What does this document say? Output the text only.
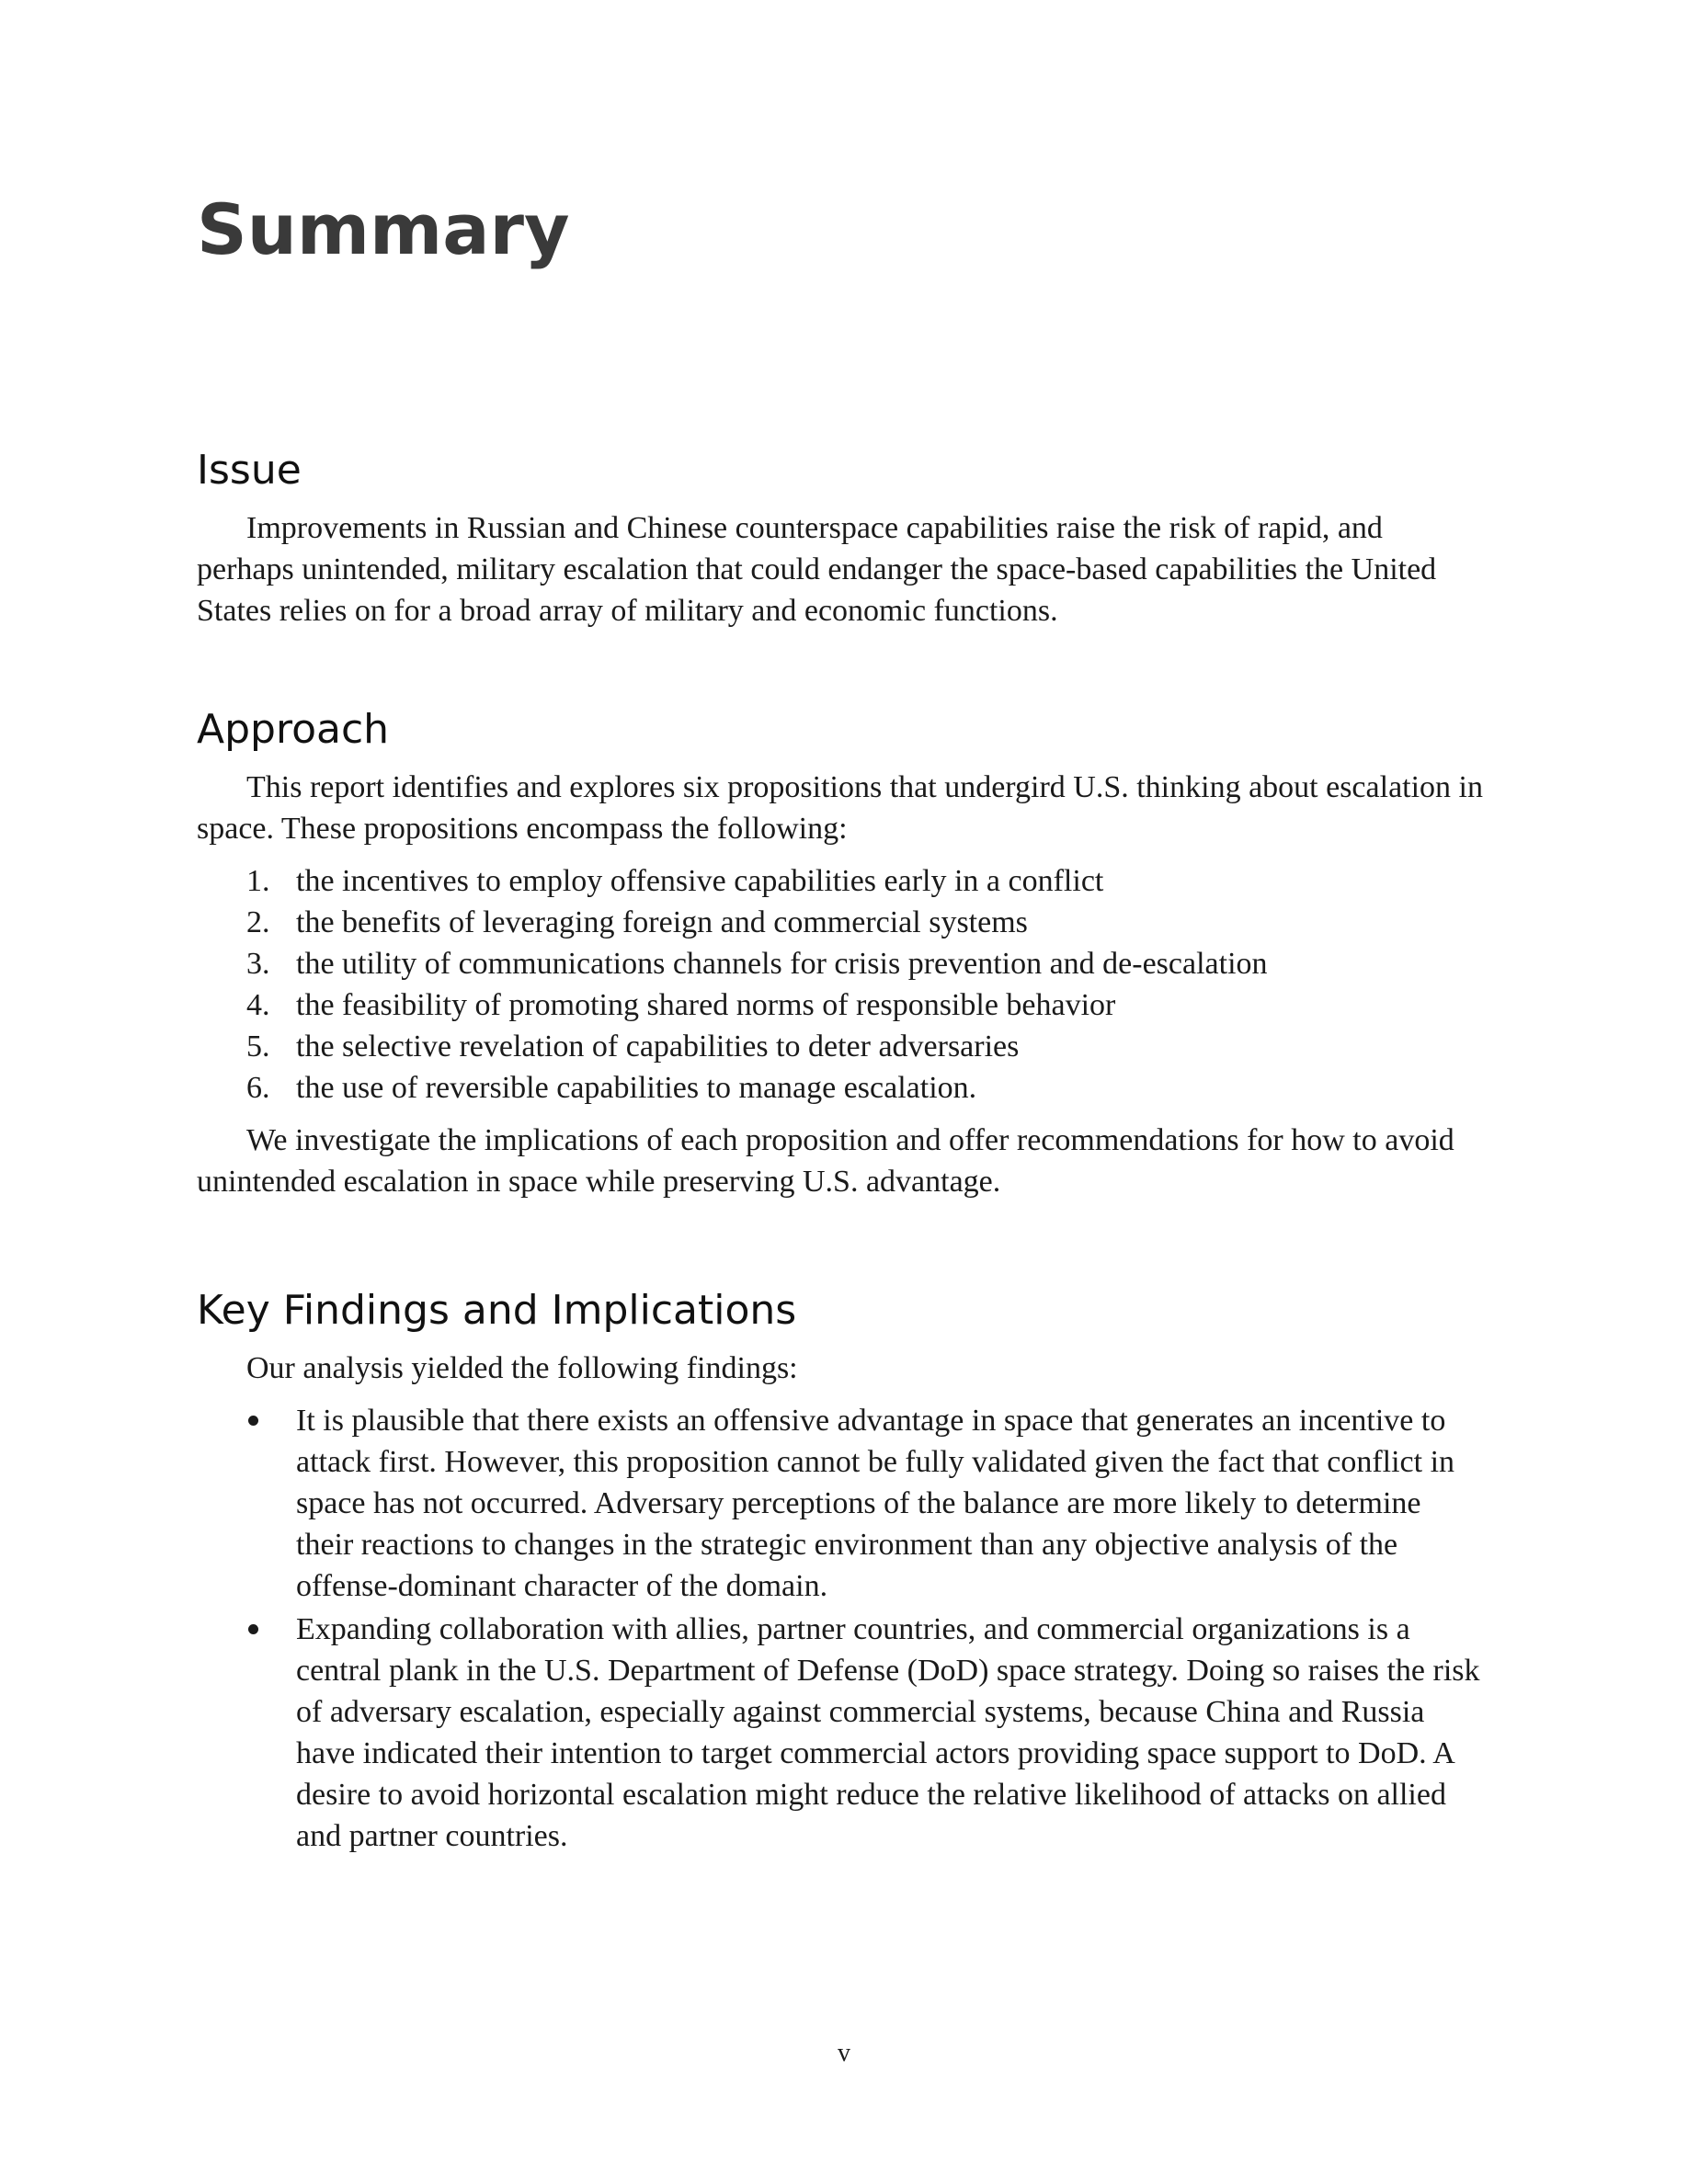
Summary
Issue

Improvements in Russian and Chinese counterspace capabilities raise the risk of rapid, and perhaps unintended, military escalation that could endanger the space-based capabilities the United States relies on for a broad array of military and economic functions.

Approach

This report identifies and explores six propositions that undergird U.S. thinking about escalation in space. These propositions encompass the following:

1. the incentives to employ offensive capabilities early in a conflict
2. the benefits of leveraging foreign and commercial systems
3. the utility of communications channels for crisis prevention and de-escalation
4. the feasibility of promoting shared norms of responsible behavior
5. the selective revelation of capabilities to deter adversaries
6. the use of reversible capabilities to manage escalation.

We investigate the implications of each proposition and offer recommendations for how to avoid unintended escalation in space while preserving U.S. advantage.

Key Findings and Implications

Our analysis yielded the following findings:

It is plausible that there exists an offensive advantage in space that generates an incentive to attack first. However, this proposition cannot be fully validated given the fact that conflict in space has not occurred. Adversary perceptions of the balance are more likely to determine their reactions to changes in the strategic environment than any objective analysis of the offense-dominant character of the domain.
Expanding collaboration with allies, partner countries, and commercial organizations is a central plank in the U.S. Department of Defense (DoD) space strategy. Doing so raises the risk of adversary escalation, especially against commercial systems, because China and Russia have indicated their intention to target commercial actors providing space support to DoD. A desire to avoid horizontal escalation might reduce the relative likelihood of attacks on allied and partner countries.
v
